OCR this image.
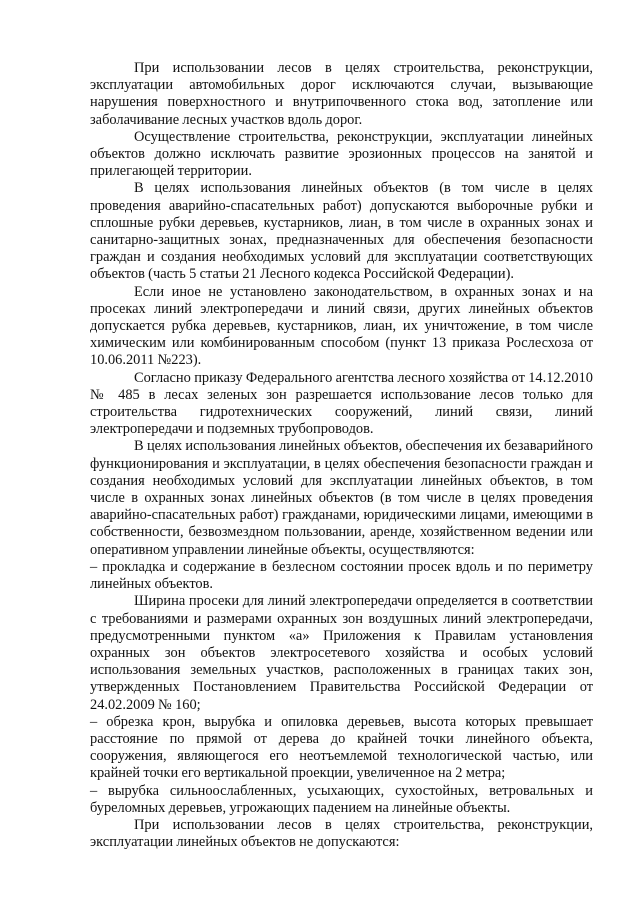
При использовании лесов в целях строительства, реконструкции, эксплуатации автомобильных дорог исключаются случаи, вызывающие нарушения поверхностного и внутрипочвенного стока вод, затопление или заболачивание лесных участков вдоль дорог.

Осуществление строительства, реконструкции, эксплуатации линейных объектов должно исключать развитие эрозионных процессов на занятой и прилегающей территории.

В целях использования линейных объектов (в том числе в целях проведения аварийно-спасательных работ) допускаются выборочные рубки и сплошные рубки деревьев, кустарников, лиан, в том числе в охранных зонах и санитарно-защитных зонах, предназначенных для обеспечения безопасности граждан и создания необходимых условий для эксплуатации соответствующих объектов (часть 5 статьи 21 Лесного кодекса Российской Федерации).

Если иное не установлено законодательством, в охранных зонах и на просеках линий электропередачи и линий связи, других линейных объектов допускается рубка деревьев, кустарников, лиан, их уничтожение, в том числе химическим или комбинированным способом (пункт 13 приказа Рослесхоза от 10.06.2011 №223).

Согласно приказу Федерального агентства лесного хозяйства от 14.12.2010 № 485 в лесах зеленых зон разрешается использование лесов только для строительства гидротехнических сооружений, линий связи, линий электропередачи и подземных трубопроводов.

В целях использования линейных объектов, обеспечения их безаварийного функционирования и эксплуатации, в целях обеспечения безопасности граждан и создания необходимых условий для эксплуатации линейных объектов, в том числе в охранных зонах линейных объектов (в том числе в целях проведения аварийно-спасательных работ) гражданами, юридическими лицами, имеющими в собственности, безвозмездном пользовании, аренде, хозяйственном ведении или оперативном управлении линейные объекты, осуществляются:

– прокладка и содержание в безлесном состоянии просек вдоль и по периметру линейных объектов.

Ширина просеки для линий электропередачи определяется в соответствии с требованиями и размерами охранных зон воздушных линий электропередачи, предусмотренными пунктом «а» Приложения к Правилам установления охранных зон объектов электросетевого хозяйства и особых условий использования земельных участков, расположенных в границах таких зон, утвержденных Постановлением Правительства Российской Федерации от 24.02.2009 № 160;

– обрезка крон, вырубка и опиловка деревьев, высота которых превышает расстояние по прямой от дерева до крайней точки линейного объекта, сооружения, являющегося его неотъемлемой технологической частью, или крайней точки его вертикальной проекции, увеличенное на 2 метра;

– вырубка сильноослабленных, усыхающих, сухостойных, ветровальных и буреломных деревьев, угрожающих падением на линейные объекты.

При использовании лесов в целях строительства, реконструкции, эксплуатации линейных объектов не допускаются:
